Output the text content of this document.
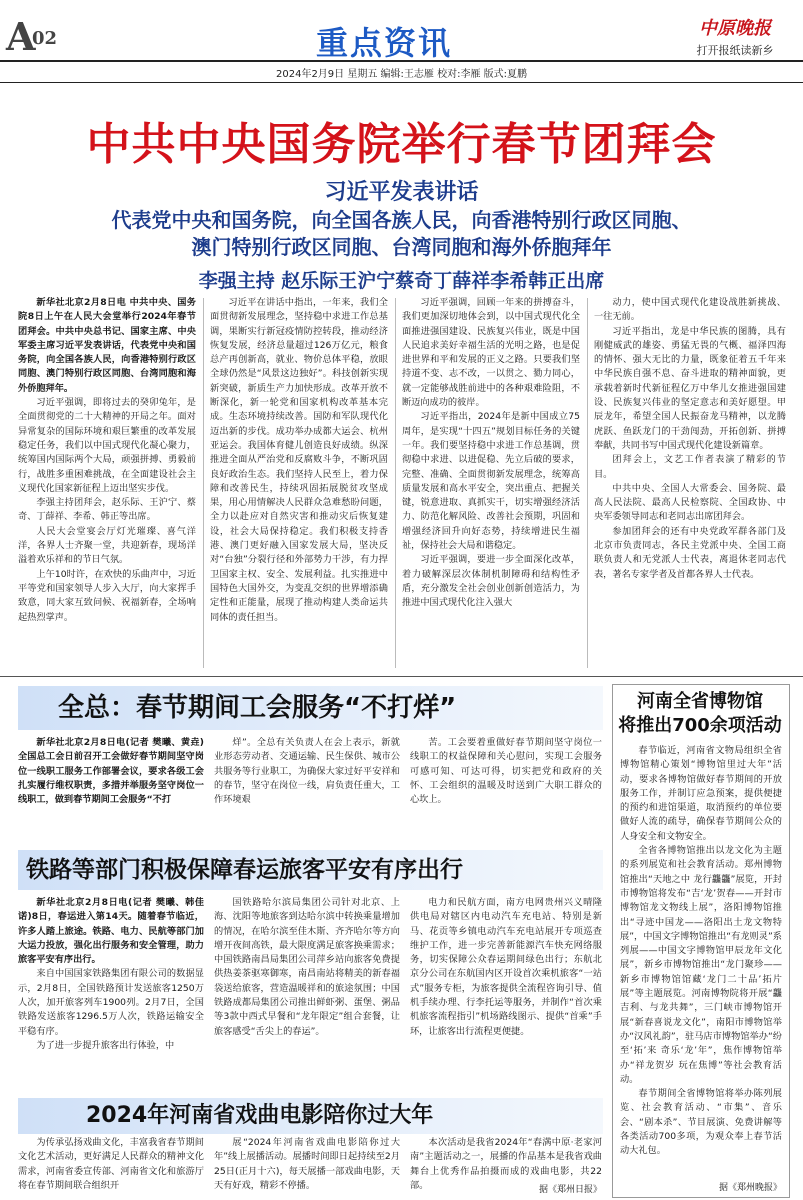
A
02	重点资讯	中原晚报
打开报纸读新乡
2024年2月9日 星期五 编辑:王志雁 校对:李雁 版式:夏鹏
中共中央国务院举行春节团拜会
习近平发表讲话
代表党中央和国务院，向全国各族人民，向香港特别行政区同胞、
澳门特别行政区同胞、台湾同胞和海外侨胞拜年
李强主持 赵乐际王沪宁蔡奇丁薛祥李希韩正出席

新华社北京2月8日电 中共中央、国务院8日上午在人民大会堂举行2024年春节团拜会。中共中央总书记、国家主席、中央军委主席习近平发表讲话，代表党中央和国务院，向全国各族人民，向香港特别行政区同胞、澳门特别行政区同胞、台湾同胞和海外侨胞拜年。

习近平强调，即将过去的癸卯兔年，是全面贯彻党的二十大精神的开局之年。面对异常复杂的国际环境和艰巨繁重的改革发展稳定任务，我们以中国式现代化凝心聚力，统筹国内国际两个大局，顽强拼搏、勇毅前行，战胜多重困难挑战，在全面建设社会主义现代化国家新征程上迈出坚实步伐。

李强主持团拜会，赵乐际、王沪宁、蔡奇、丁薛祥、李希、韩正等出席。

人民大会堂宴会厅灯光璀璨、喜气洋洋，各界人士齐聚一堂，共迎新春，现场洋溢着欢乐祥和的节日气氛。

上午10时许，在欢快的乐曲声中，习近平等党和国家领导人步入大厅，向大家挥手致意，同大家互致问候、祝福新春，全场响起热烈掌声。

习近平在讲话中指出，一年来，我们全面贯彻新发展理念，坚持稳中求进工作总基调，果断实行新冠疫情防控转段，推动经济恢复发展，经济总量超过126万亿元，粮食总产再创新高，就业、物价总体平稳，放眼全球仍然是“风景这边独好”。科技创新实现新突破，新质生产力加快形成。改革开放不断深化，新一轮党和国家机构改革基本完成。生态环境持续改善。国防和军队现代化迈出新的步伐。成功举办成都大运会、杭州亚运会。我国体育健儿创造良好成绩。纵深推进全面从严治党和反腐败斗争，不断巩固良好政治生态。我们坚持人民至上，着力保障和改善民生，持续巩固拓展脱贫攻坚成果，用心用情解决人民群众急难愁盼问题，全力以赴应对自然灾害和推动灾后恢复建设，社会大局保持稳定。我们积极支持香港、澳门更好融入国家发展大局，坚决反对“台独”分裂行径和外部势力干涉，有力捍卫国家主权、安全、发展利益。扎实推进中国特色大国外交，为变乱交织的世界增添确定性和正能量，展现了推动构建人类命运共同体的责任担当。

习近平强调，回顾一年来的拼搏奋斗，我们更加深切地体会到，以中国式现代化全面推进强国建设、民族复兴伟业，既是中国人民追求美好幸福生活的光明之路，也是促进世界和平和发展的正义之路。只要我们坚持道不变、志不改，一以贯之、勠力同心，就一定能够战胜前进中的各种艰难险阻，不断迈向成功的彼岸。

习近平指出，2024年是新中国成立75周年，是实现“十四五”规划目标任务的关键一年。我们要坚持稳中求进工作总基调，贯彻稳中求进、以进促稳、先立后破的要求，完整、准确、全面贯彻新发展理念，统筹高质量发展和高水平安全，突出重点、把握关键，锐意进取、真抓实干，切实增强经济活力、防范化解风险、改善社会预期，巩固和增强经济回升向好态势，持续增进民生福祉，保持社会大局和谐稳定。

习近平强调，要进一步全面深化改革，着力破解深层次体制机制障碍和结构性矛盾，充分激发全社会创业创新创造活力，为推进中国式现代化注入强大

动力，使中国式现代化建设战胜新挑战、一往无前。

习近平指出，龙是中华民族的图腾，具有刚健威武的雄姿、勇猛无畏的气概、福泽四海的情怀、强大无比的力量，既象征着五千年来中华民族自强不息、奋斗进取的精神面貌，更承载着新时代新征程亿万中华儿女推进强国建设、民族复兴伟业的坚定意志和美好愿望。甲辰龙年，希望全国人民振奋龙马精神，以龙腾虎跃、鱼跃龙门的干劲闯劲，开拓创新、拼搏奉献，共同书写中国式现代化建设新篇章。

团拜会上，文艺工作者表演了精彩的节目。

中共中央、全国人大常委会、国务院、最高人民法院、最高人民检察院、全国政协、中央军委领导同志和老同志出席团拜会。

参加团拜会的还有中央党政军群各部门及北京市负责同志，各民主党派中央、全国工商联负责人和无党派人士代表，离退休老同志代表，著名专家学者及首都各界人士代表。

全总：春节期间工会服务“不打烊”

新华社北京2月8日电(记者 樊曦、黄垚)全国总工会日前召开工会做好春节期间坚守岗位一线职工服务工作部署会议，要求各级工会扎实履行维权职责，多措并举服务坚守岗位一线职工，做到春节期间工会服务“不打

烊”。全总有关负责人在会上表示，新就业形态劳动者、交通运输、民生保供、城市公共服务等行业职工，为确保大家过好平安祥和的春节，坚守在岗位一线，肩负责任重大，工作环境艰

苦。工会要着重做好春节期间坚守岗位一线职工的权益保障和关心慰问，实现工会服务可感可知、可达可得，切实把党和政府的关怀、工会组织的温暖及时送到广大职工群众的心坎上。

铁路等部门积极保障春运旅客平安有序出行

新华社北京2月8日电(记者 樊曦、韩佳诺)8日，春运进入第14天。随着春节临近，许多人踏上旅途。铁路、电力、民航等部门加大运力投放，强化出行服务和安全管理，助力旅客平安有序出行。

来自中国国家铁路集团有限公司的数据显示，2月8日，全国铁路预计发送旅客1250万人次，加开旅客列车1900列。2月7日，全国铁路发送旅客1296.5万人次，铁路运输安全平稳有序。

为了进一步提升旅客出行体验，中

国铁路哈尔滨局集团公司针对北京、上海、沈阳等地旅客到达哈尔滨中转换乘量增加的情况，在哈尔滨至佳木斯、齐齐哈尔等方向增开夜间高铁，最大限度满足旅客换乘需求；中国铁路南昌局集团公司萍乡站向旅客免费提供热姜茶驱寒御寒，南昌南站将精美的新春福袋送给旅客，营造温暖祥和的旅途氛围；中国铁路成都局集团公司推出鲜虾粥、蛋堡、粥品等3款中西式早餐和“龙年限定”组合套餐，让旅客感受“舌尖上的春运”。

电力和民航方面，南方电网贵州兴义晴隆供电局对辖区内电动汽车充电站、特别是新马、花贡等乡镇电动汽车充电站展开专项巡查维护工作，进一步完善新能源汽车快充网络服务，切实保障公众春运期间绿色出行；东航北京分公司在东航国内区开设首次乘机旅客“一站式”服务专柜，为旅客提供全流程咨询引导、值机手续办理、行李托运等服务，并制作“首次乘机旅客流程指引”机场路线图示、提供“首乘”手环，让旅客出行流程更便捷。

2024年河南省戏曲电影陪你过大年

为传承弘扬戏曲文化，丰富我省春节期间文化艺术活动，更好满足人民群众的精神文化需求，河南省委宣传部、河南省文化和旅游厅将在春节期间联合组织开

展“2024年河南省戏曲电影陪你过大年”线上展播活动。展播时间即日起持续至2月25日(正月十六)，每天展播一部戏曲电影，天天有好戏，精彩不停播。

本次活动是我省2024年“春满中原·老家河南”主题活动之一，展播的作品基本是我省戏曲舞台上优秀作品拍摄而成的戏曲电影，共22部。	据《郑州日报》
河南全省博物馆
将推出700余项活动

春节临近，河南省文物局组织全省博物馆精心策划“博物馆里过大年”活动，要求各博物馆做好春节期间的开放服务工作，并制订应急预案，提供便捷的预约和进馆渠道，取消预约的单位要做好人流的疏导，确保春节期间公众的人身安全和文物安全。

全省各博物馆推出以龙文化为主题的系列展览和社会教育活动。郑州博物馆推出“天地之中 龙行龘龘”展览，开封市博物馆将发布“吉‘龙’贺春——开封市博物馆龙文物线上展”，洛阳博物馆推出“寻迹中国龙——洛阳出土龙文物特展”，中国文字博物馆推出“有龙则灵”系列展——中国文字博物馆甲辰龙年文化展”，新乡市博物馆推出“龙门聚珍——新乡市博物馆馆藏‘龙门二十品’拓片展”等主题展览。河南博物院将开展“龘吉利、与龙共舞”，三门峡市博物馆开展“新春喜说龙文化”，南阳市博物馆举办“汉风礼韵”，驻马店市博物馆举办“纷至‘拓’来 奇乐‘龙’年”，焦作博物馆举办“祥龙贺岁 玩在焦博”等社会教育活动。

春节期间全省博物馆将举办陈列展览、社会教育活动、“市集”、音乐会、“剧本杀”、节目展演、免费讲解等各类活动700多项，为观众奉上春节活动大礼包。

据《郑州晚报》
